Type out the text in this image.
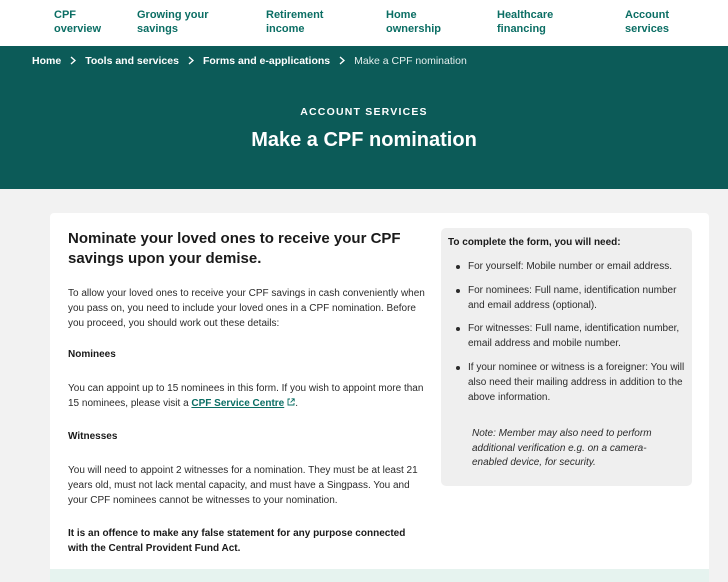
CPF
overview
Growing your
savings
Retirement
income
Home
ownership
Healthcare
financing
Account
services
Home Tools and services Forms and e-applications Make a CPF nomination
ACCOUNT SERVICES
Make a CPF nomination
Nominate your loved ones to receive your CPF savings upon your demise.
To allow your loved ones to receive your CPF savings in cash conveniently when you pass on, you need to include your loved ones in a CPF nomination. Before you proceed, you should work out these details:
Nominees
You can appoint up to 15 nominees in this form. If you wish to appoint more than 15 nominees, please visit a CPF Service Centre .
Witnesses
You will need to appoint 2 witnesses for a nomination. They must be at least 21 years old, must not lack mental capacity, and must have a Singpass. You and your CPF nominees cannot be witnesses to your nomination.
It is an offence to make any false statement for any purpose connected with the Central Provident Fund Act.
To complete the form, you will need:
For yourself: Mobile number or email address.
For nominees: Full name, identification number and email address (optional).
For witnesses: Full name, identification number, email address and mobile number.
If your nominee or witness is a foreigner: You will also need their mailing address in addition to the above information.
Note: Member may also need to perform additional verification e.g. on a camera-enabled device, for security.
